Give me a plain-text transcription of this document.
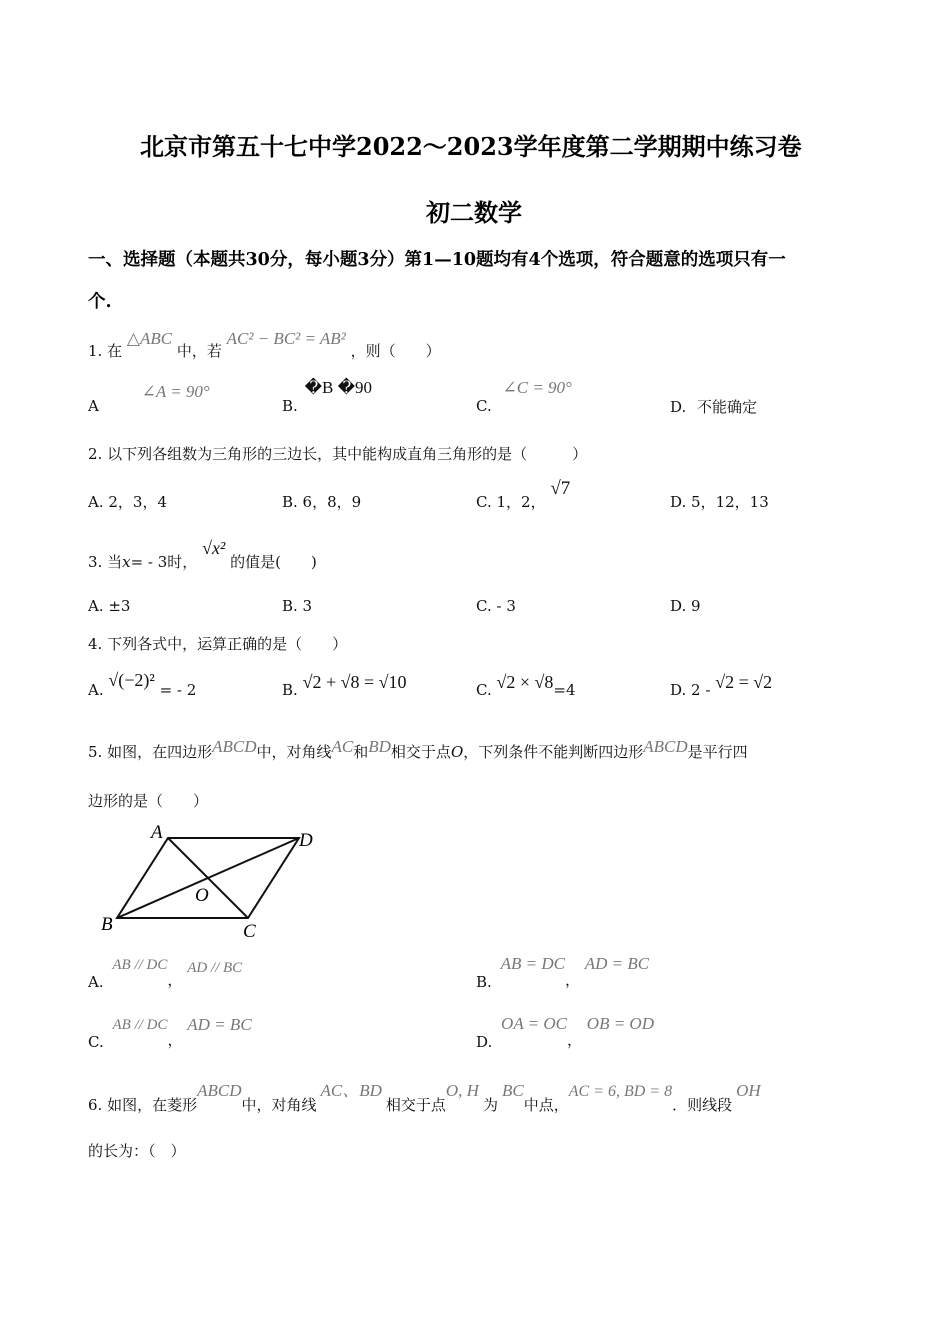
北京市第五十七中学2022～2023学年度第二学期期中练习卷
初二数学
一、选择题（本题共30分，每小题3分）第1—10题均有4个选项，符合题意的选项只有一
个.
1. 在 △ABC 中，若 AC² − BC² = AB² ，则（　　）
A ∠A = 90°
B. �B �90
C. ∠C = 90°
D. 不能确定
2. 以下列各组数为三角形的三边长，其中能构成直角三角形的是（　　　）
A. 2，3，4	B. 6，8，9	C. 1，2， √7
D. 5，12，13
3. 当x= - 3时， √x² 的值是(　　)
A. ±3	B. 3	C. - 3	D. 9
4. 下列各式中，运算正确的是（　　）
A. √(−2)² = - 2	B. √2 + √8 = √10	C. √2 × √8=4	D. 2 - √2 = √2
5. 如图，在四边形ABCD中，对角线AC和BD相交于点O，下列条件不能判断四边形ABCD是平行四
边形的是（　　）
A	D
B	C
O
A. AB // DC， AD // BC
B. AB = DC， AD = BC
C. AB // DC， AD = BC
D. OA = OC， OB = OD
6. 如图，在菱形ABCD中，对角线AC、BD相交于点O, H为BC中点，AC = 6, BD = 8．则线段OH
的长为：（　）
